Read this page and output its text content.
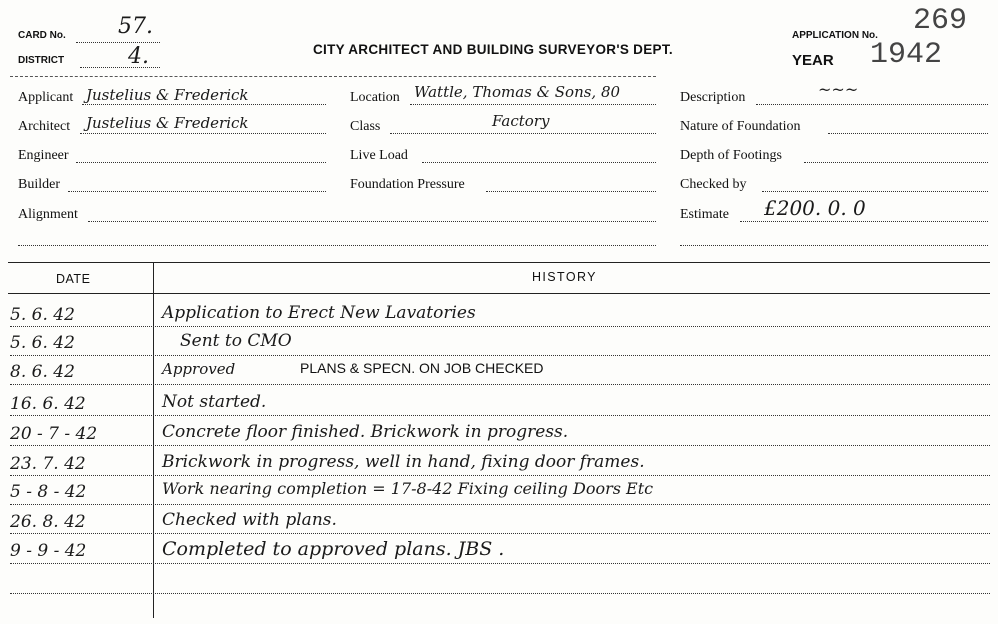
CARD No. 57.
DISTRICT	4.	CITY ARCHITECT AND BUILDING SURVEYOR'S DEPT.
APPLICATION No. 269
YEAR 1942
Applicant Justelius & Frederick
Architect Justelius & Frederick
Engineer
Builder
Alignment
Location Wattle, Thomas & Sons, 80
Class	Factory
Live Load
Foundation Pressure
Description	~~~
Nature of Foundation
Depth of Footings
Checked by
Estimate £200. 0. 0
DATE	HISTORY
5. 6. 42	Application to Erect New Lavatories
5. 6. 42	Sent to CMO
8. 6. 42	Approved	PLANS & SPECN. ON JOB CHECKED
16. 6. 42	Not started.
20 - 7 - 42	Concrete floor finished. Brickwork in progress.
23. 7. 42	Brickwork in progress, well in hand, fixing door frames.
5 - 8 - 42	Work nearing completion = 17-8-42 Fixing ceiling Doors Etc
26. 8. 42	Checked with plans.
9 - 9 - 42	Completed to approved plans. JBS .
